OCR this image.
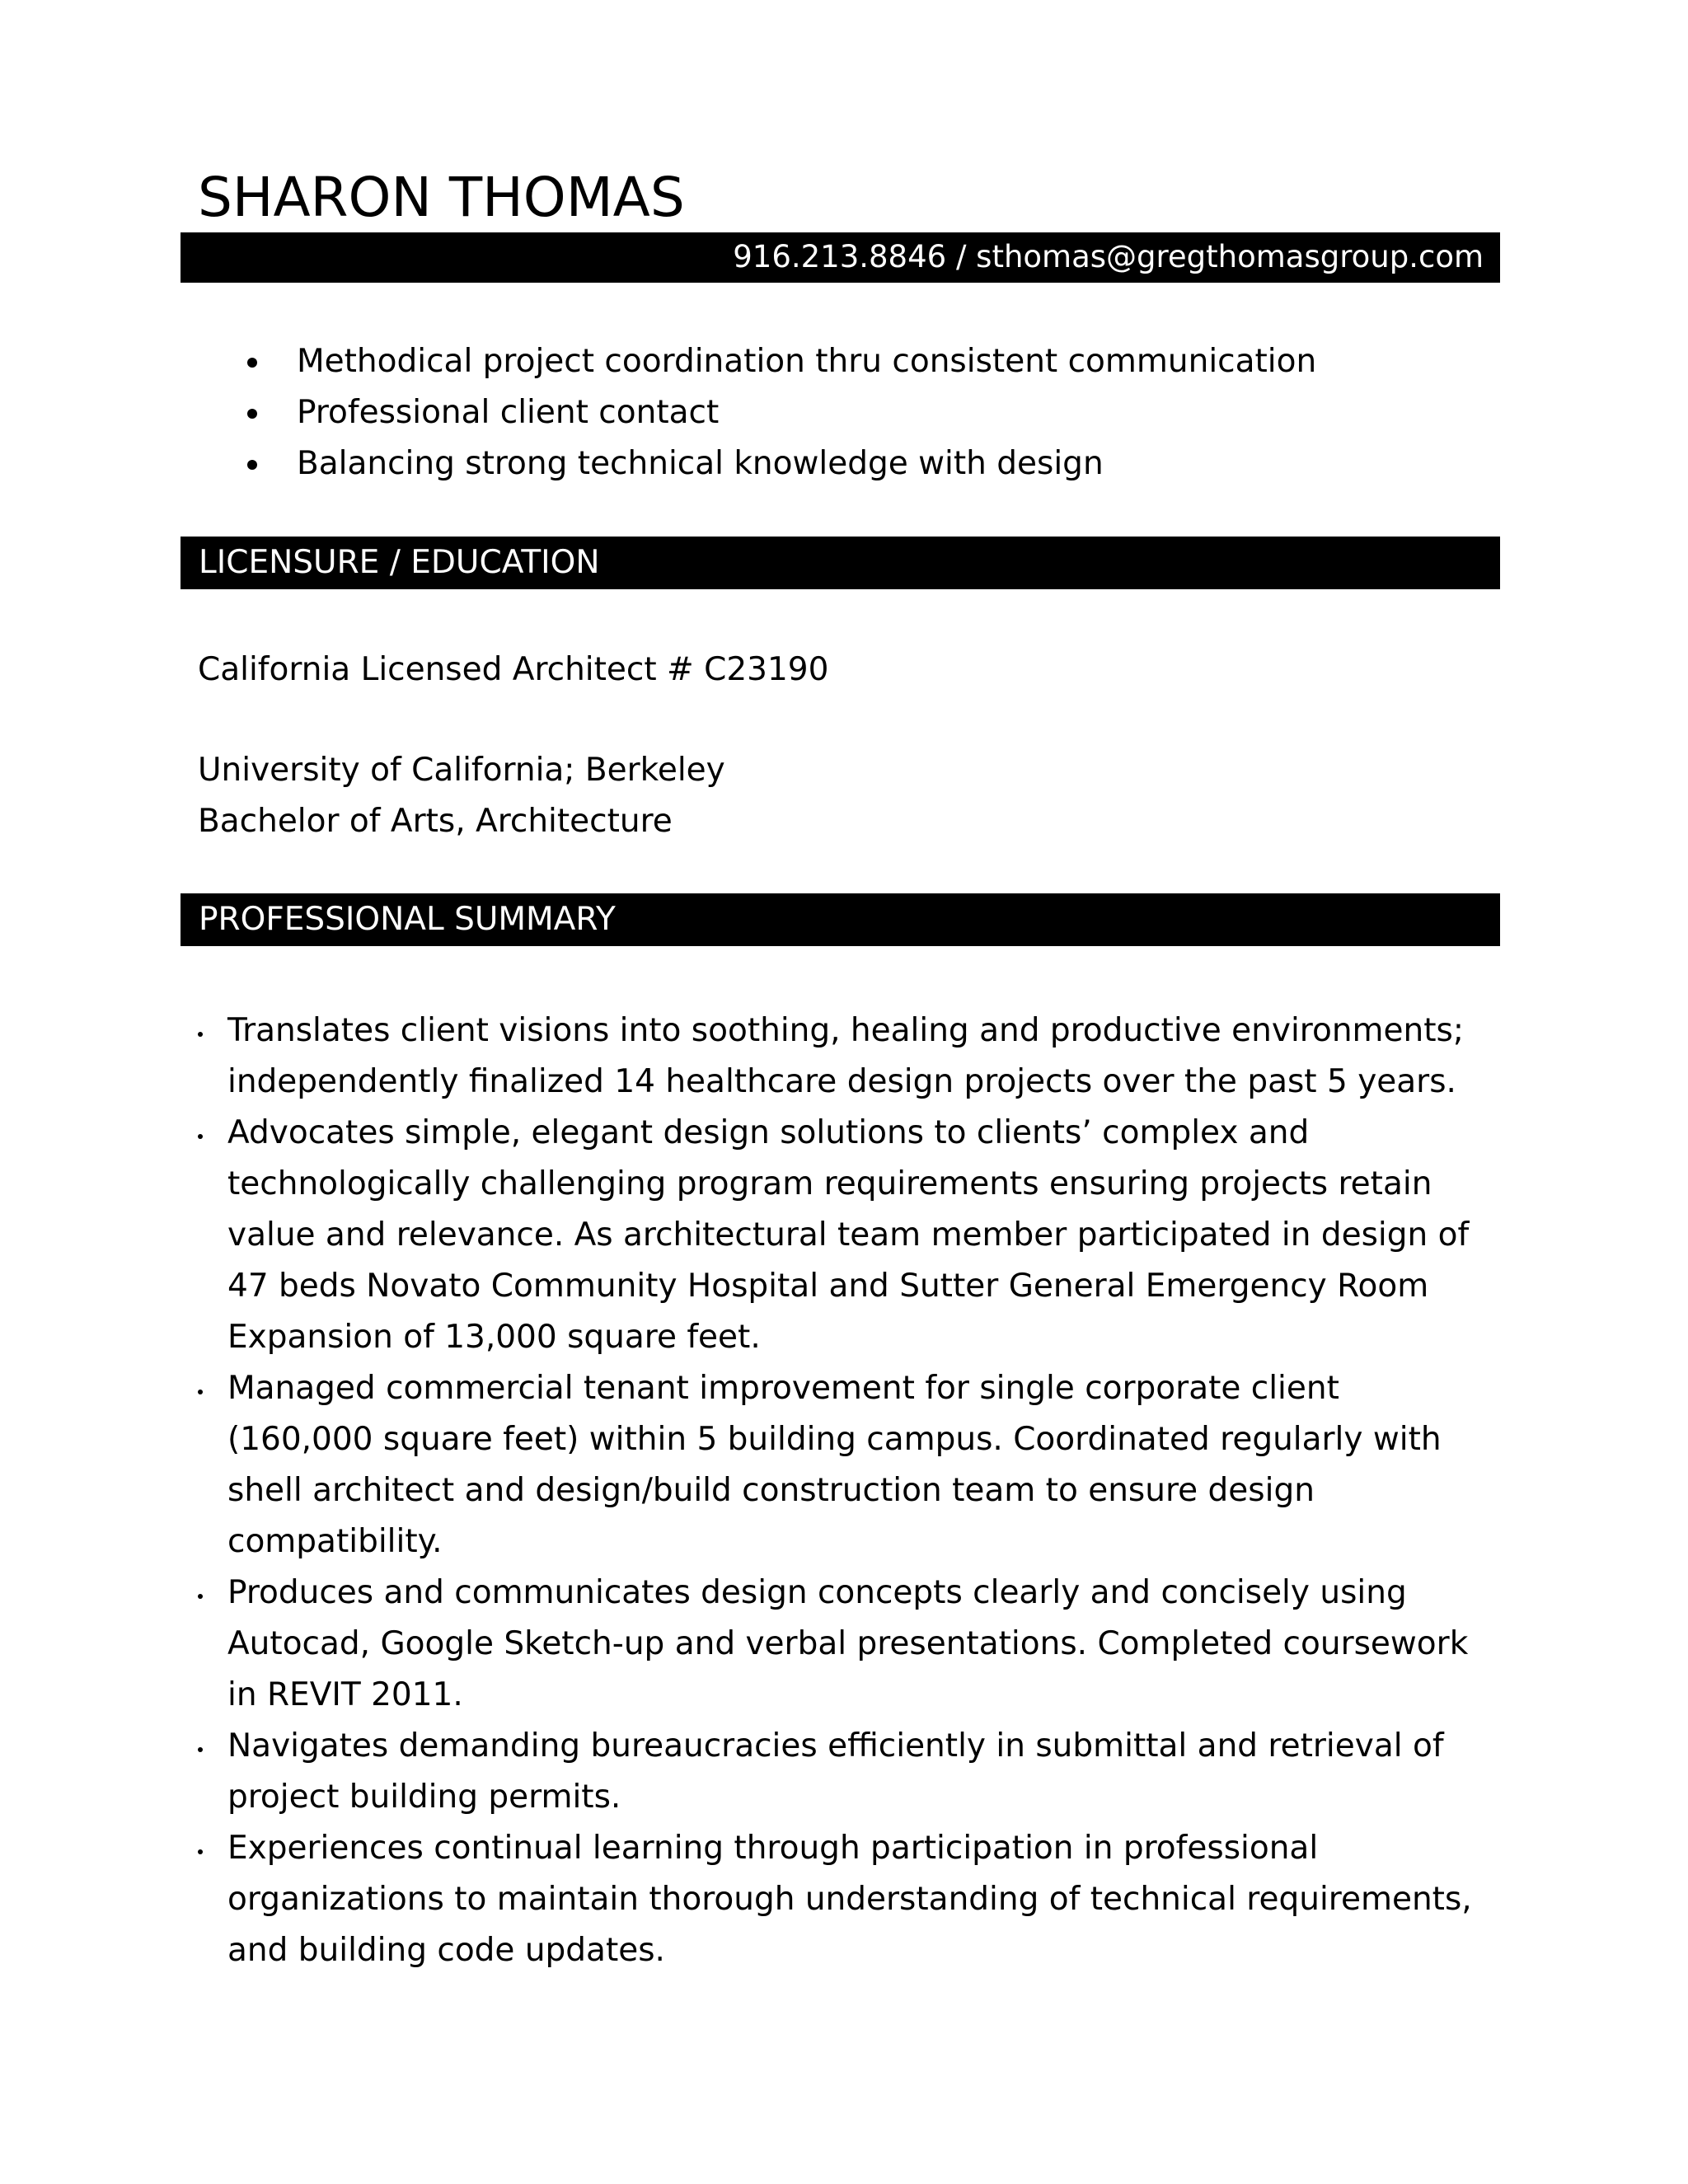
SHARON THOMAS
916.213.8846 / sthomas@gregthomasgroup.com
Methodical project coordination thru consistent communication
Professional client contact
Balancing strong technical knowledge with design
LICENSURE / EDUCATION
California Licensed Architect # C23190
University of California; Berkeley
Bachelor of Arts, Architecture
PROFESSIONAL SUMMARY
Translates client visions into soothing, healing and productive environments; independently finalized 14 healthcare design projects over the past 5 years.
Advocates simple, elegant design solutions to clients’ complex and technologically challenging program requirements ensuring projects retain value and relevance. As architectural team member participated in design of 47 beds Novato Community Hospital and Sutter General Emergency Room Expansion of 13,000 square feet.
Managed commercial tenant improvement for single corporate client (160,000 square feet) within 5 building campus. Coordinated regularly with shell architect and design/build construction team to ensure design compatibility.
Produces and communicates design concepts clearly and concisely using Autocad, Google Sketch-up and verbal presentations. Completed coursework in REVIT 2011.
Navigates demanding bureaucracies efficiently in submittal and retrieval of project building permits.
Experiences continual learning through participation in professional organizations to maintain thorough understanding of technical requirements, and building code updates.
